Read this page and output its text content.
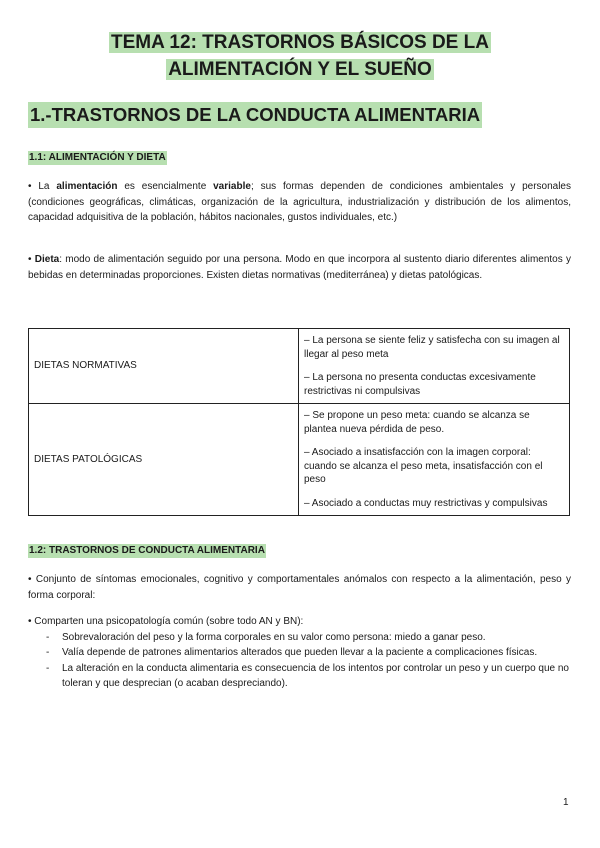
TEMA 12: TRASTORNOS BÁSICOS DE LA
ALIMENTACIÓN Y EL SUEÑO
1.-TRASTORNOS DE LA CONDUCTA ALIMENTARIA
1.1: ALIMENTACIÓN Y DIETA
• La alimentación es esencialmente variable; sus formas dependen de condiciones ambientales y personales (condiciones geográficas, climáticas, organización de la agricultura, industrialización y distribución de los alimentos, capacidad adquisitiva de la población, hábitos nacionales, gustos individuales, etc.)
• Dieta: modo de alimentación seguido por una persona. Modo en que incorpora al sustento diario diferentes alimentos y bebidas en determinadas proporciones. Existen dietas normativas (mediterránea) y dietas patológicas.
DIETAS NORMATIVAS	– La persona se siente feliz y satisfecha con su imagen al llegar al peso meta

– La persona no presenta conductas excesivamente restrictivas ni compulsivas

DIETAS PATOLÓGICAS	– Se propone un peso meta: cuando se alcanza se plantea nueva pérdida de peso.

– Asociado a insatisfacción con la imagen corporal: cuando se alcanza el peso meta, insatisfacción con el peso

– Asociado a conductas muy restrictivas y compulsivas

1.2: TRASTORNOS DE CONDUCTA ALIMENTARIA
• Conjunto de síntomas emocionales, cognitivo y comportamentales anómalos con respecto a la alimentación, peso y forma corporal:
• Comparten una psicopatología común (sobre todo AN y BN):
- Sobrevaloración del peso y la forma corporales en su valor como persona: miedo a ganar peso.
- Valía depende de patrones alimentarios alterados que pueden llevar a la paciente a complicaciones físicas.
- La alteración en la conducta alimentaria es consecuencia de los intentos por controlar un peso y un cuerpo que no toleran y que desprecian (o acaban despreciando).
1
